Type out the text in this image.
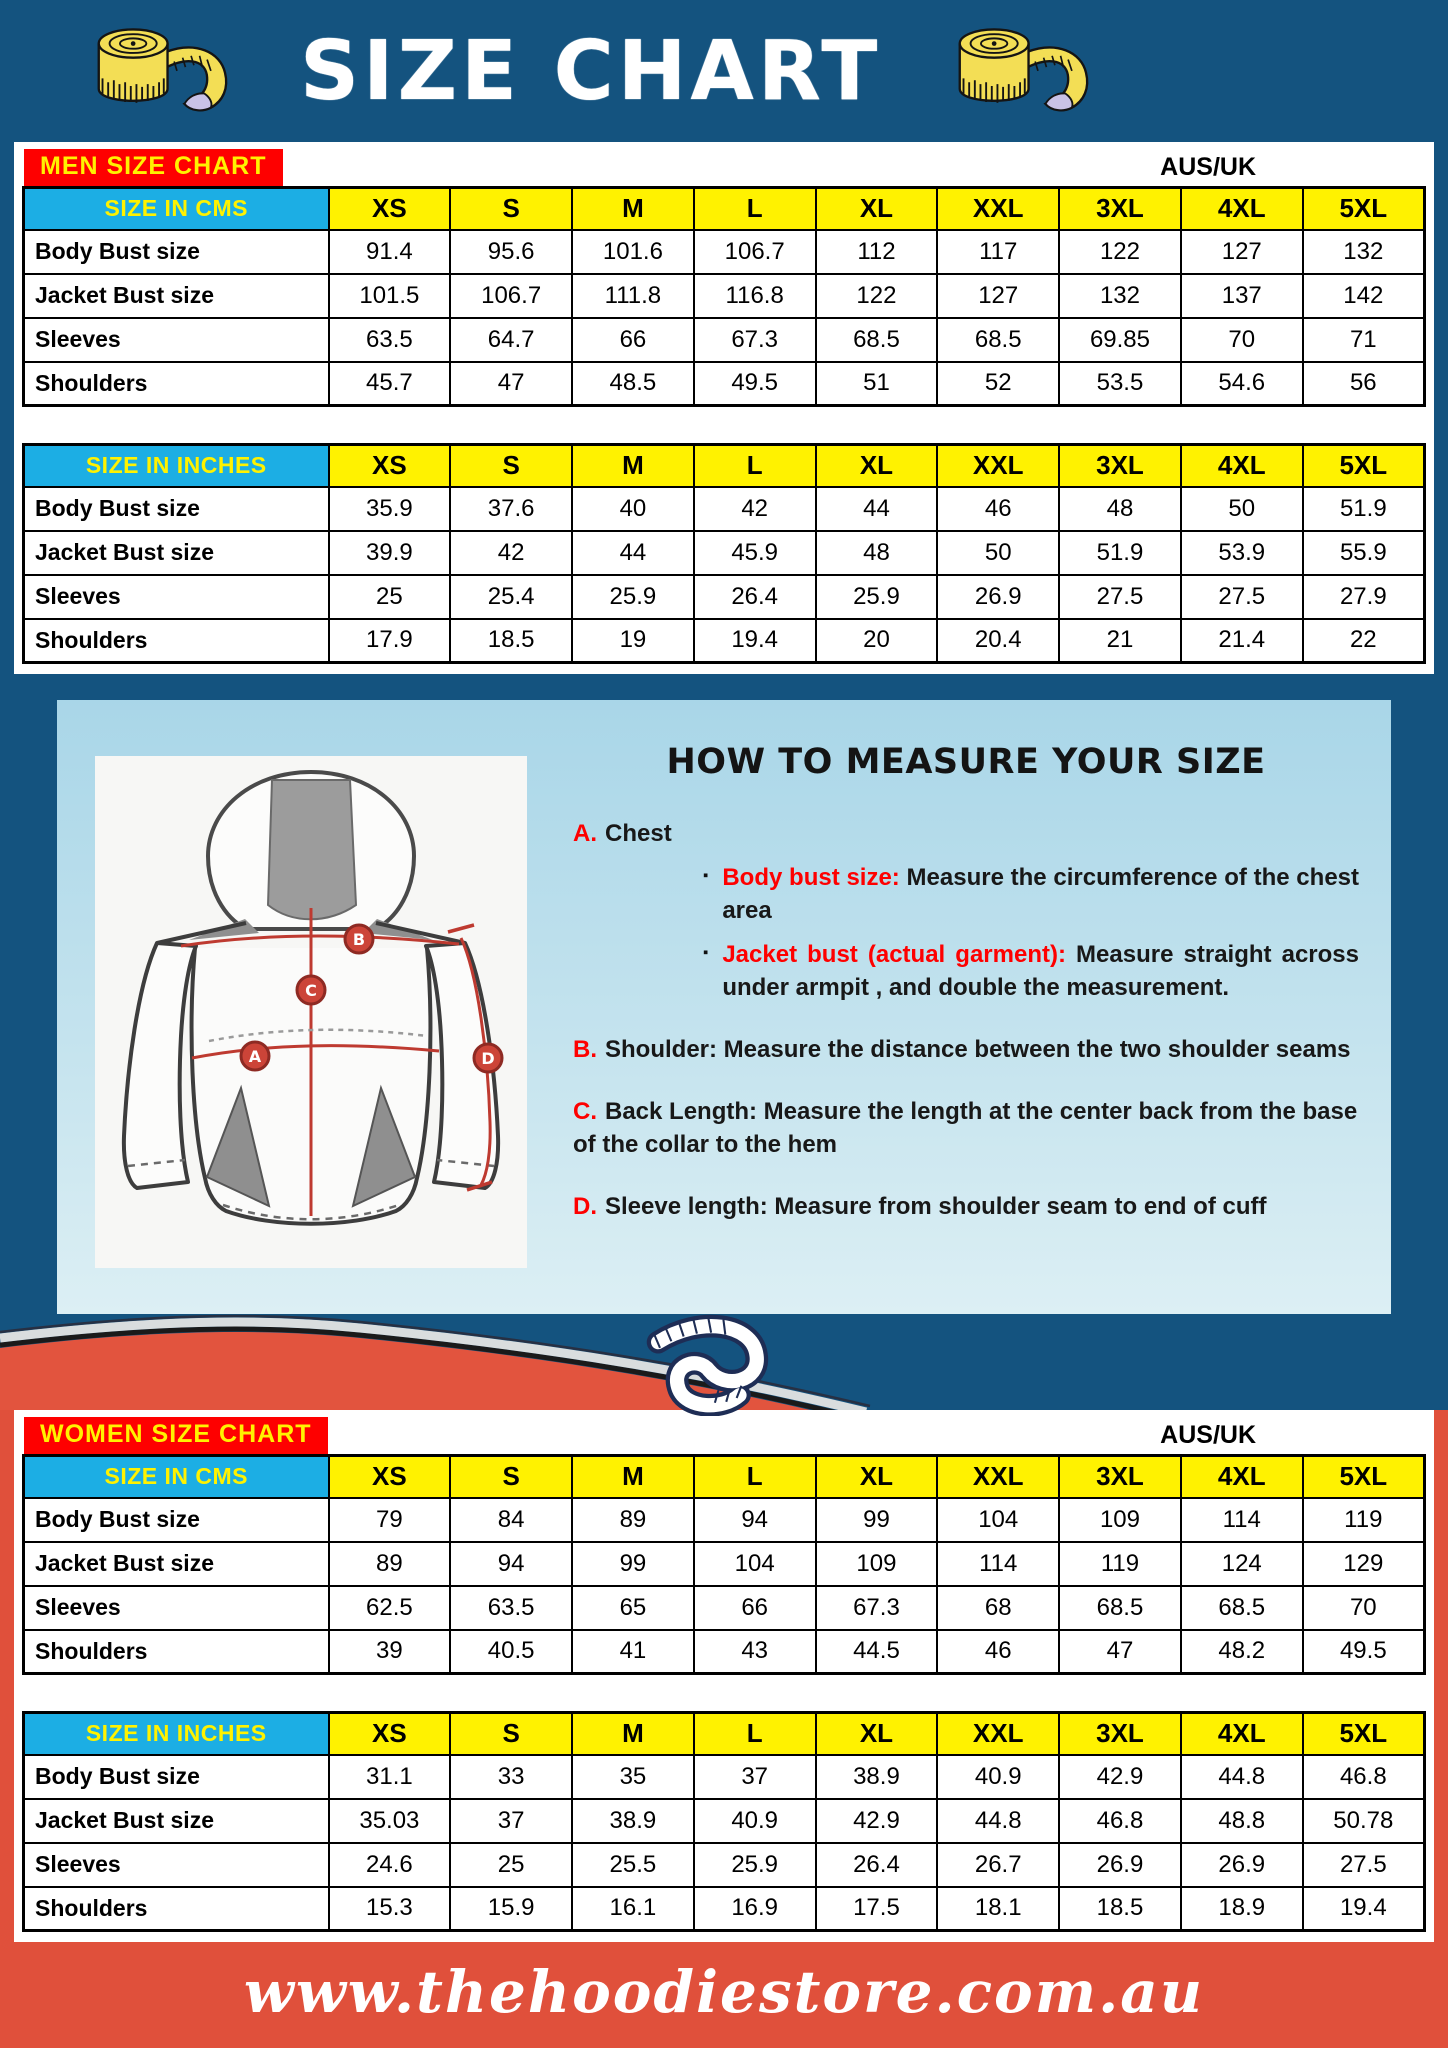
SIZE CHART
MEN SIZE CHART	AUS/UK
SIZE IN CMS	XS	S	M	L	XL	XXL	3XL	4XL	5XL
Body Bust size	91.4	95.6	101.6	106.7	112	117	122	127	132
Jacket Bust size	101.5	106.7	111.8	116.8	122	127	132	137	142
Sleeves	63.5	64.7	66	67.3	68.5	68.5	69.85	70	71
Shoulders	45.7	47	48.5	49.5	51	52	53.5	54.6	56
SIZE IN INCHES	XS	S	M	L	XL	XXL	3XL	4XL	5XL
Body Bust size	35.9	37.6	40	42	44	46	48	50	51.9
Jacket Bust size	39.9	42	44	45.9	48	50	51.9	53.9	55.9
Sleeves	25	25.4	25.9	26.4	25.9	26.9	27.5	27.5	27.9
Shoulders	17.9	18.5	19	19.4	20	20.4	21	21.4	22
A
B
C
D
HOW TO MEASURE YOUR SIZE
A. Chest
▪ Body bust size: Measure the circumference of the chest area
▪ Jacket bust (actual garment): Measure straight across under armpit , and double the measurement.
B. Shoulder: Measure the distance between the two shoulder seams
C. Back Length: Measure the length at the center back from the base of the collar to the hem
D. Sleeve length: Measure from shoulder seam to end of cuff
WOMEN SIZE CHART	AUS/UK
SIZE IN CMS	XS	S	M	L	XL	XXL	3XL	4XL	5XL
Body Bust size	79	84	89	94	99	104	109	114	119
Jacket Bust size	89	94	99	104	109	114	119	124	129
Sleeves	62.5	63.5	65	66	67.3	68	68.5	68.5	70
Shoulders	39	40.5	41	43	44.5	46	47	48.2	49.5
SIZE IN INCHES	XS	S	M	L	XL	XXL	3XL	4XL	5XL
Body Bust size	31.1	33	35	37	38.9	40.9	42.9	44.8	46.8
Jacket Bust size	35.03	37	38.9	40.9	42.9	44.8	46.8	48.8	50.78
Sleeves	24.6	25	25.5	25.9	26.4	26.7	26.9	26.9	27.5
Shoulders	15.3	15.9	16.1	16.9	17.5	18.1	18.5	18.9	19.4
www.thehoodiestore.com.au
